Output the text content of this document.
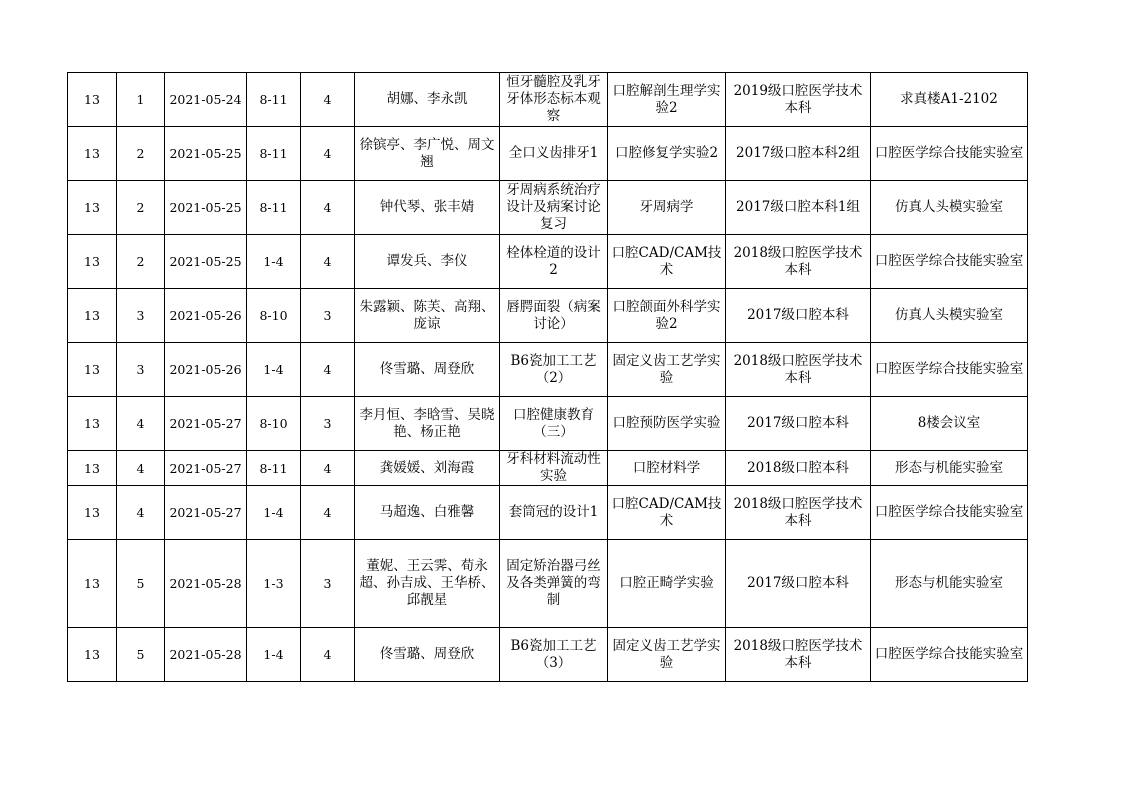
13	1	2021-05-24	8-11	4	胡娜、李永凯	恒牙髓腔及乳牙牙体形态标本观察	口腔解剖生理学实验2	2019级口腔医学技术本科	求真楼A1-2102
13	2	2021-05-25	8-11	4	徐镔亭、李广悦、周文翘	全口义齿排牙1	口腔修复学实验2	2017级口腔本科2组	口腔医学综合技能实验室
13	2	2021-05-25	8-11	4	钟代琴、张丰婧	牙周病系统治疗设计及病案讨论复习	牙周病学	2017级口腔本科1组	仿真人头模实验室
13	2	2021-05-25	1-4	4	谭发兵、李仪	栓体栓道的设计2	口腔CAD/CAM技术	2018级口腔医学技术本科	口腔医学综合技能实验室
13	3	2021-05-26	8-10	3	朱露颖、陈芙、高翔、庞谅	唇腭面裂（病案讨论）	口腔颌面外科学实验2	2017级口腔本科	仿真人头模实验室
13	3	2021-05-26	1-4	4	佟雪璐、周登欣	B6瓷加工工艺（2）	固定义齿工艺学实验	2018级口腔医学技术本科	口腔医学综合技能实验室
13	4	2021-05-27	8-10	3	李月恒、李晗雪、吴晓艳、杨正艳	口腔健康教育（三）	口腔预防医学实验	2017级口腔本科	8楼会议室
13	4	2021-05-27	8-11	4	龚媛媛、刘海霞	牙科材料流动性实验	口腔材料学	2018级口腔本科	形态与机能实验室
13	4	2021-05-27	1-4	4	马超逸、白雅馨	套筒冠的设计1	口腔CAD/CAM技术	2018级口腔医学技术本科	口腔医学综合技能实验室
13	5	2021-05-28	1-3	3	董妮、王云霁、荀永超、孙吉成、王华桥、邱靓星	固定矫治器弓丝及各类弹簧的弯制	口腔正畸学实验	2017级口腔本科	形态与机能实验室
13	5	2021-05-28	1-4	4	佟雪璐、周登欣	B6瓷加工工艺（3）	固定义齿工艺学实验	2018级口腔医学技术本科	口腔医学综合技能实验室
